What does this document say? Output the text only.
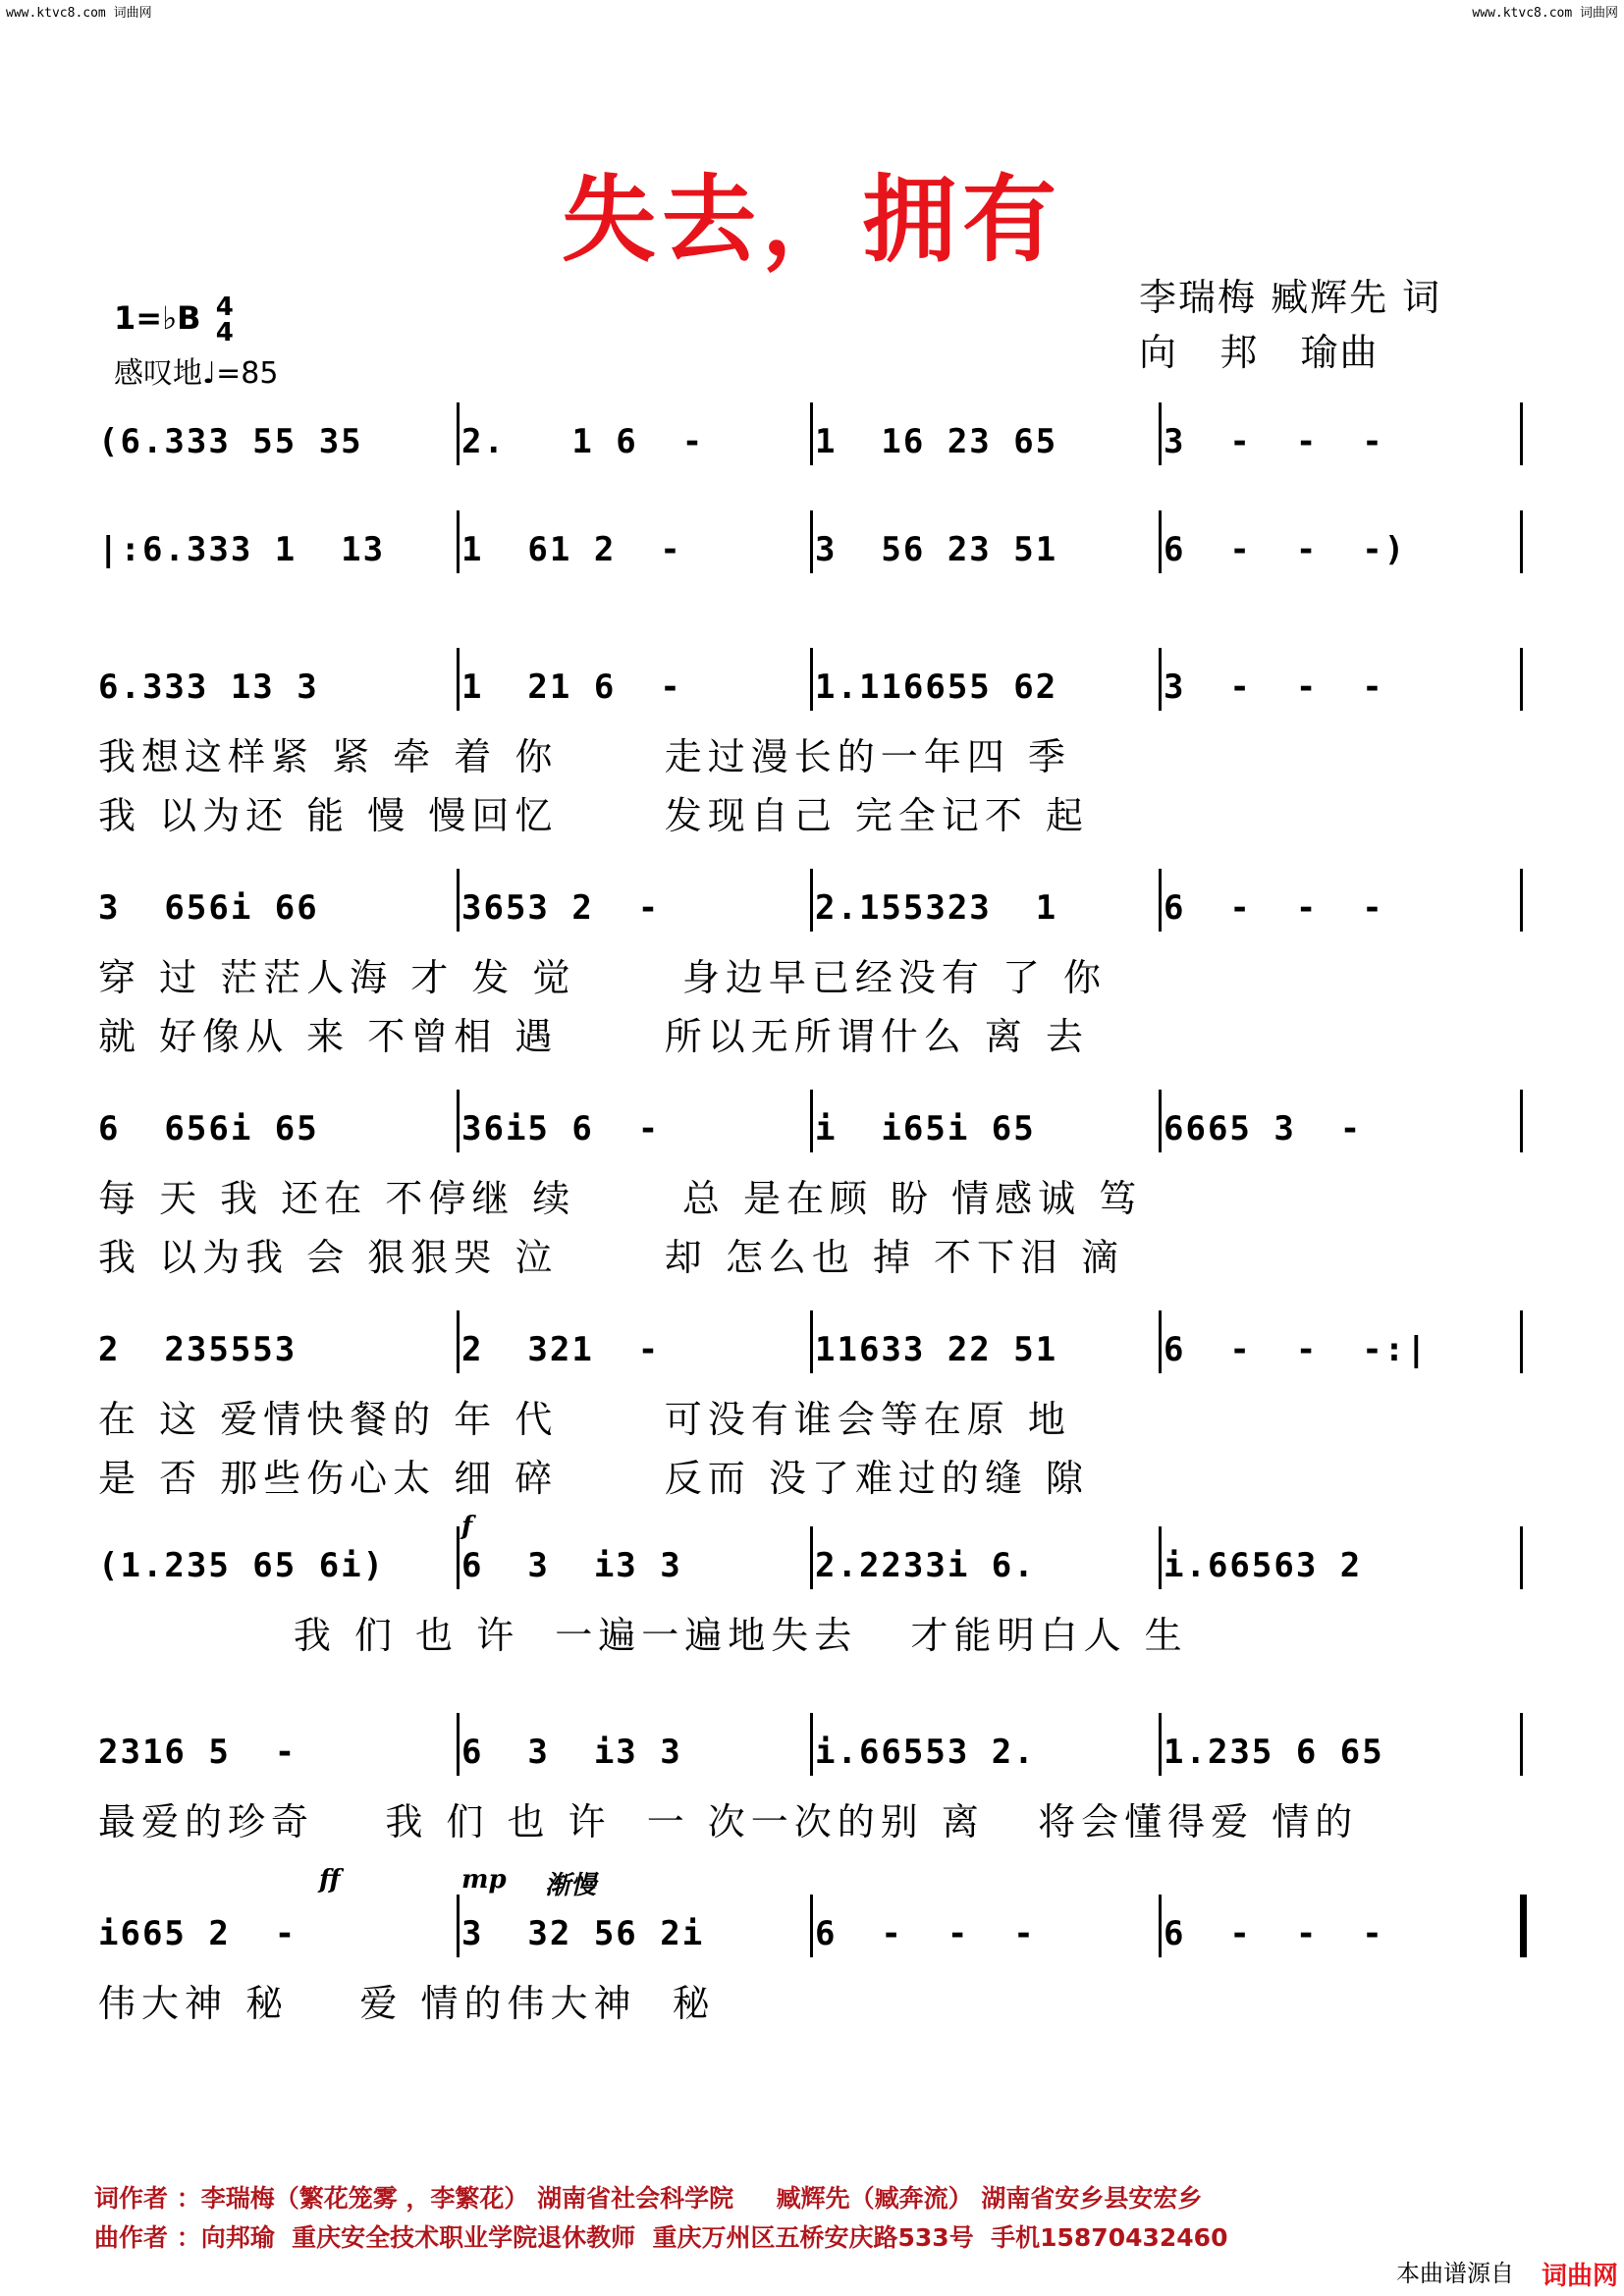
www.ktvc8.com 词曲网	www.ktvc8.com 词曲网
失去，拥有
1=♭B 4
4
感叹地♩=85
李瑞梅 臧辉先 词
向   邦   瑜曲
(6.333 55 35	2.   1 6  -	1  16 23 65	3  -  -  -
|:6.333 1  13 1  61 2  -	3  56 23 51	6  -  -  -)
6.333 13 3	1  21 6  -	1.116655 62	3  -  -  -
我想这样紧 紧 牵 着 你      走过漫长的一年四 季
我 以为还 能 慢 慢回忆      发现自己 完全记不 起
3  656i 66	3653 2  -	2.155323  1	6  -  -  -
穿 过 茫茫人海 才 发 觉      身边早已经没有 了 你
就 好像从 来 不曾相 遇      所以无所谓什么 离 去
6  656i 65	36i5 6  -	i  i65i 65	6665 3  -
每 天 我 还在 不停继 续      总 是在顾 盼 情感诚 笃
我 以为我 会 狠狠哭 泣      却 怎么也 掉 不下泪 滴
2  235553	2  321  -	11633 22 51	6  -  -  -:|
在 这 爱情快餐的 年 代      可没有谁会等在原 地
是 否 那些伤心太 细 碎      反而 没了难过的缝 隙
(1.235 65 6i) 6  3  i3 3	2.2233i 6.	i.66563 2
我 们 也 许  一遍一遍地失去   才能明白人 生
2316 5  -	6  3  i3 3	i.66553 2.	1.235 6 65
最爱的珍奇    我 们 也 许  一 次一次的别 离   将会懂得爱 情的
i665 2  -	3  32 56 2i	6  -  -  -	6  -  -  -
伟大神 秘    爱 情的伟大神  秘
f
ff	mp 渐慢
词作者 ：李瑞梅（繁花笼雾 ，李繁花） 湖南省社会科学院     臧辉先（臧奔流） 湖南省安乡县安宏乡
曲作者 ：向邦瑜  重庆安全技术职业学院退休教师  重庆万州区五桥安庆路533号  手机15870432460
本曲谱源自 词曲网
